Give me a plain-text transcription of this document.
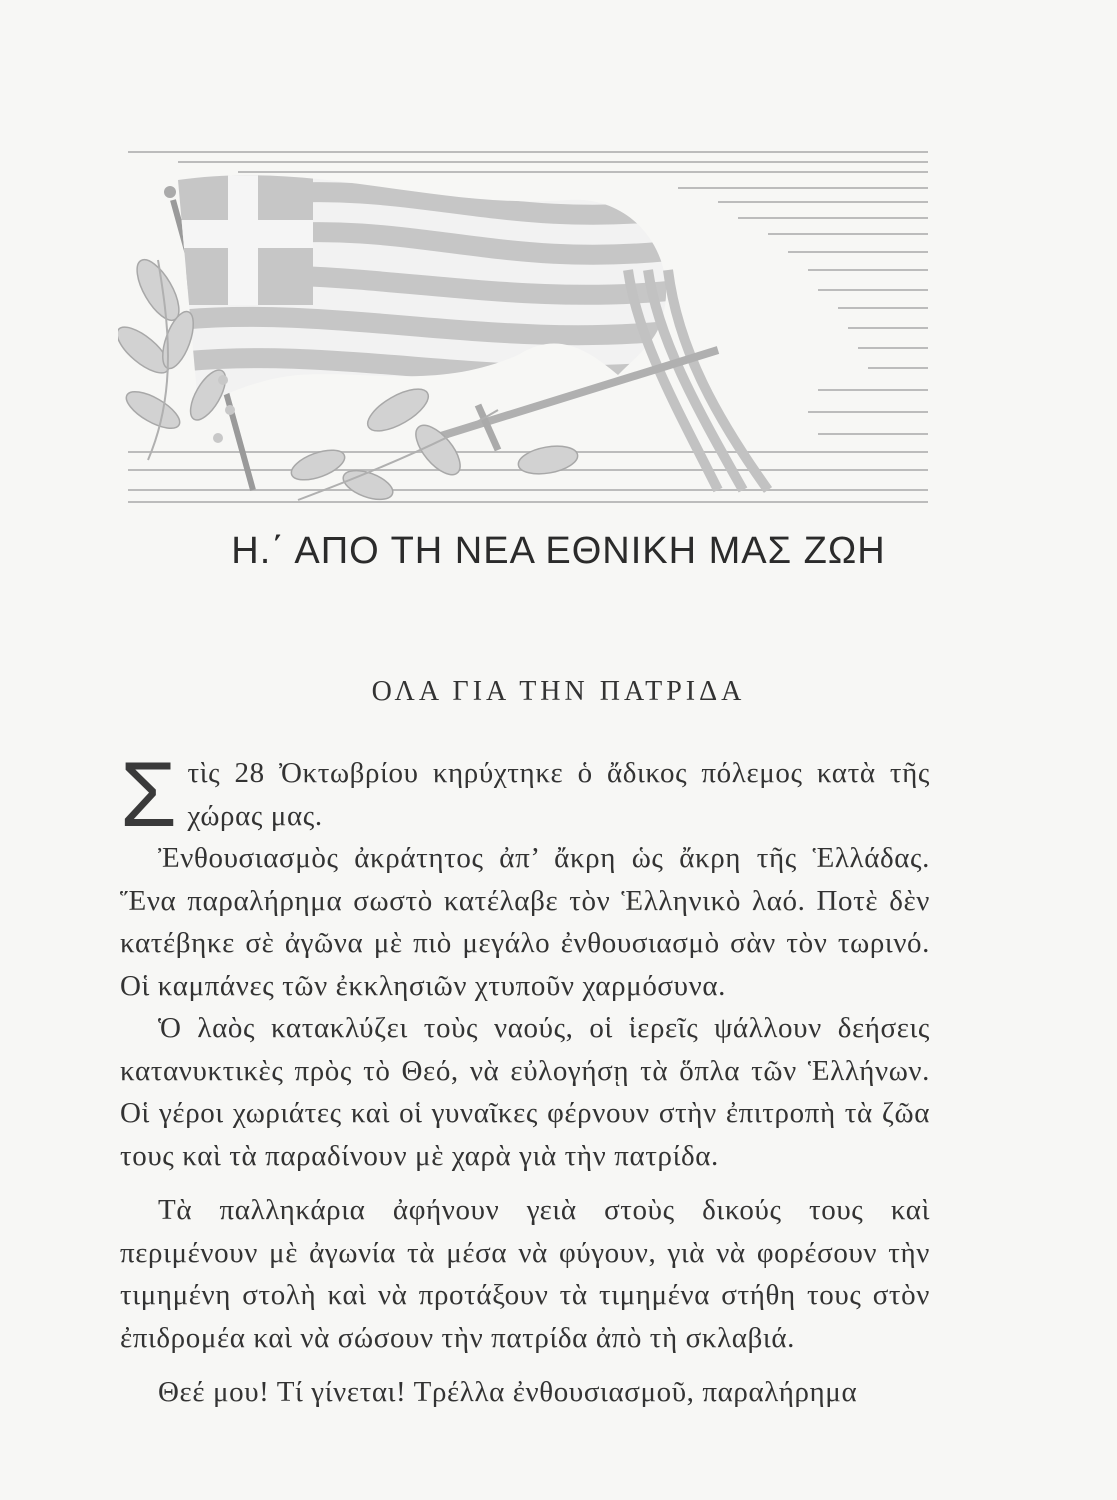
Η.΄ ΑΠΟ ΤΗ ΝΕΑ ΕΘΝΙΚΗ ΜΑΣ ΖΩΗ
ΟΛΑ ΓΙΑ ΤΗΝ ΠΑΤΡΙΔΑ

Στὶς 28 Ὀκτωβρίου κηρύχτηκε ὁ ἄδικος πόλεμος κατὰ τῆς χώρας μας.

Ἐνθουσιασμὸς ἀκράτητος ἀπ’ ἄκρη ὡς ἄκρη τῆς Ἑλλάδας. Ἕνα παραλήρημα σωστὸ κατέλαβε τὸν Ἑλληνικὸ λαό. Ποτὲ δὲν κατέβηκε σὲ ἀγῶνα μὲ πιὸ μεγάλο ἐνθουσιασμὸ σὰν τὸν τωρινό. Οἱ καμπάνες τῶν ἐκκλησιῶν χτυποῦν χαρμόσυνα.

Ὁ λαὸς κατακλύζει τοὺς ναούς, οἱ ἱερεῖς ψάλλουν δεήσεις κατανυκτικὲς πρὸς τὸ Θεό, νὰ εὐλογήσῃ τὰ ὅπλα τῶν Ἑλλήνων. Οἱ γέροι χωριάτες καὶ οἱ γυναῖκες φέρνουν στὴν ἐπιτροπὴ τὰ ζῶα τους καὶ τὰ παραδίνουν μὲ χαρὰ γιὰ τὴν πατρίδα.

Τὰ παλληκάρια ἀφήνουν γειὰ στοὺς δικούς τους καὶ περιμένουν μὲ ἀγωνία τὰ μέσα νὰ φύγουν, γιὰ νὰ φορέσουν τὴν τιμημένη στολὴ καὶ νὰ προτάξουν τὰ τιμημένα στήθη τους στὸν ἐπιδρομέα καὶ νὰ σώσουν τὴν πατρίδα ἀπὸ τὴ σκλαβιά.

Θεέ μου! Τί γίνεται! Τρέλλα ἐνθουσιασμοῦ, παραλήρημα
